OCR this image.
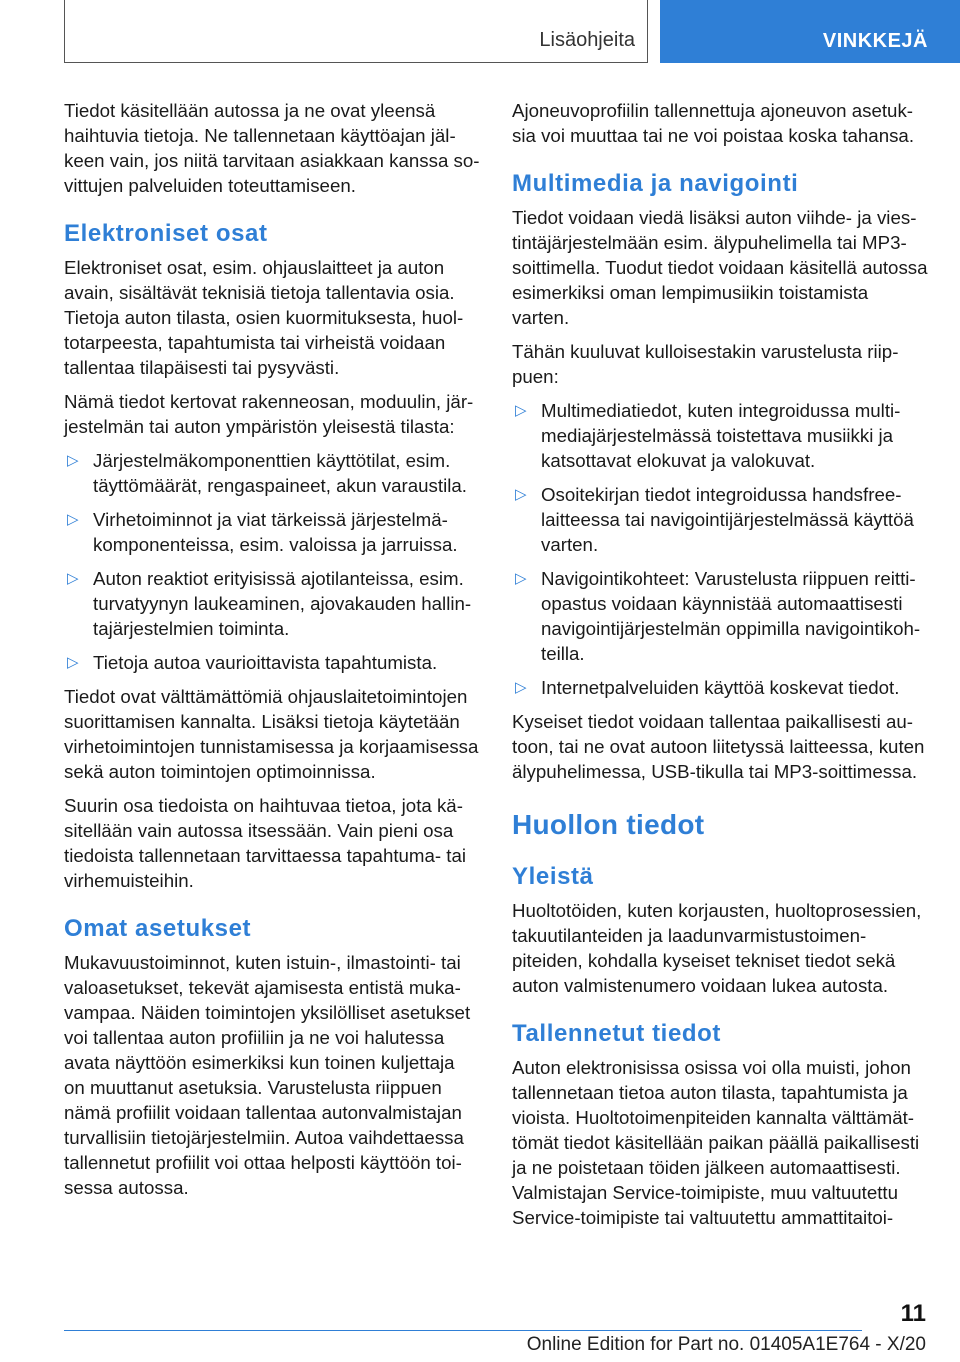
Lisäohjeita	VINKKEJÄ

Tiedot käsitellään autossa ja ne ovat yleensä haihtuvia tietoja. Ne tallennetaan käyttöajan jälkeen vain, jos niitä tarvitaan asiakkaan kanssa sovittujen palveluiden toteuttamiseen.

Elektroniset osat

Elektroniset osat, esim. ohjauslaitteet ja auton avain, sisältävät teknisiä tietoja tallentavia osia. Tietoja auton tilasta, osien kuormituksesta, huoltotarpeesta, tapahtumista tai virheistä voidaan tallentaa tilapäisesti tai pysyvästi.

Nämä tiedot kertovat rakenneosan, moduulin, järjestelmän tai auton ympäristön yleisestä tilasta:

▷ Järjestelmäkomponenttien käyttötilat, esim. täyttömäärät, rengaspaineet, akun varaustila.
▷ Virhetoiminnot ja viat tärkeissä järjestelmäkomponenteissa, esim. valoissa ja jarruissa.
▷ Auton reaktiot erityisissä ajotilanteissa, esim. turvatyynyn laukeaminen, ajovakauden hallintajärjestelmien toiminta.
▷ Tietoja autoa vaurioittavista tapahtumista.

Tiedot ovat välttämättömiä ohjauslaitetoimintojen suorittamisen kannalta. Lisäksi tietoja käytetään virhetoimintojen tunnistamisessa ja korjaamisessa sekä auton toimintojen optimoinnissa.

Suurin osa tiedoista on haihtuvaa tietoa, jota käsitellään vain autossa itsessään. Vain pieni osa tiedoista tallennetaan tarvittaessa tapahtuma- tai virhemuisteihin.

Omat asetukset

Mukavuustoiminnot, kuten istuin-, ilmastointi- tai valoasetukset, tekevät ajamisesta entistä mukavampaa. Näiden toimintojen yksilölliset asetukset voi tallentaa auton profiiliin ja ne voi halutessa avata näyttöön esimerkiksi kun toinen kuljettaja on muuttanut asetuksia. Varustelusta riippuen nämä profiilit voidaan tallentaa autonvalmistajan turvallisiin tietojärjestelmiin. Autoa vaihdettaessa tallennetut profiilit voi ottaa helposti käyttöön toisessa autossa.

Ajoneuvoprofiilin tallennettuja ajoneuvon asetuksia voi muuttaa tai ne voi poistaa koska tahansa.

Multimedia ja navigointi

Tiedot voidaan viedä lisäksi auton viihde- ja viestintäjärjestelmään esim. älypuhelimella tai MP3-soittimella. Tuodut tiedot voidaan käsitellä autossa esimerkiksi oman lempimusiikin toistamista varten.

Tähän kuuluvat kulloisestakin varustelusta riippuen:

▷ Multimediatiedot, kuten integroidussa multimediajärjestelmässä toistettava musiikki ja katsottavat elokuvat ja valokuvat.
▷ Osoitekirjan tiedot integroidussa handsfree-laitteessa tai navigointijärjestelmässä käyttöä varten.
▷ Navigointikohteet: Varustelusta riippuen reittiopastus voidaan käynnistää automaattisesti navigointijärjestelmän oppimilla navigointikohteilla.
▷ Internetpalveluiden käyttöä koskevat tiedot.

Kyseiset tiedot voidaan tallentaa paikallisesti autoon, tai ne ovat autoon liitetyssä laitteessa, kuten älypuhelimessa, USB-tikulla tai MP3-soittimessa.

Huollon tiedot
Yleistä

Huoltotöiden, kuten korjausten, huoltoprosessien, takuutilanteiden ja laadunvarmistustoimenpiteiden, kohdalla kyseiset tekniset tiedot sekä auton valmistenumero voidaan lukea autosta.

Tallennetut tiedot

Auton elektronisissa osissa voi olla muisti, johon tallennetaan tietoa auton tilasta, tapahtumista ja vioista. Huoltotoimenpiteiden kannalta välttämättömät tiedot käsitellään paikan päällä paikallisesti ja ne poistetaan töiden jälkeen automaattisesti. Valmistajan Service-toimipiste, muu valtuutettu Service-toimipiste tai valtuutettu ammattitaitoi-

11
Online Edition for Part no. 01405A1E764 - X/20
